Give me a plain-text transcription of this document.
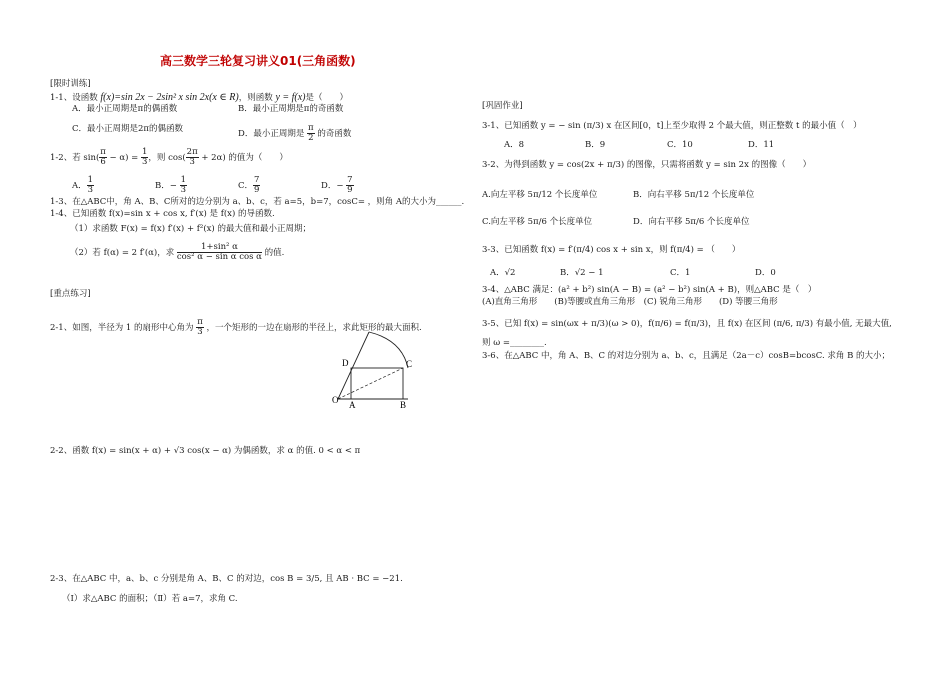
高三数学三轮复习讲义01(三角函数)
[限时训练]
1-1、设函数 f(x)=sin 2x − 2sin² x sin 2x(x ∈ R)，则函数 y = f(x)是（　　）
A．最小正周期是π的偶函数	B．最小正周期是π的奇函数
C．最小正周期是2π的偶函数	D．最小正周期是 $\frac{\pi}{2}$ 的奇函数
1-2、若 $\sin( \frac{\pi}{6} - \alpha) = \frac{1}{3}$ ，则 $\cos( \frac{2\pi}{3} + 2\alpha)$ 的值为（　　）
A． $\frac{1}{3}$	B．− $\frac{1}{3}$	C． $\frac{7}{9}$	D．− $\frac{7}{9}$
1-3、在△ABC中，角 A、B、C所对的边分别为 a、b、c，若 a=5，b=7，cosC= ，则角 A的大小为______.
1-4、已知函数 f(x)=sin x + cos x, f′(x) 是 f(x) 的导函数.
（1）求函数 F(x) = f(x) f′(x) + f²(x) 的最大值和最小正周期；
（2）若 f(α) = 2 f′(α)，求 $\frac{\text{1+sin² α}}{\text{cos² α − sin α cos α}}$ 的值.
[重点练习]
2-1、如图，半径为 1 的扇形中心角为 $\frac{\pi}{3}$ ，一个矩形的一边在扇形的半径上，求此矩形的最大面积.
O A	B
C
D
2-2、函数 f(x) = sin(x + α) + √3 cos(x − α) 为偶函数，求 α 的值. 0 < α < π
2-3、在△ABC 中，a、b、c 分别是角 A、B、C 的对边，cos B = 3/5, 且 AB · BC = −21.
（Ⅰ）求△ABC 的面积；（Ⅱ）若 a=7，求角 C.
[巩固作业]
3-1、已知函数 y = − sin (π/3) x 在区间[0，t]上至少取得 2 个最大值，则正整数 t 的最小值（　）
A．8	B．9	C．10	D．11
3-2、为得到函数 y = cos(2x + π/3) 的图像，只需将函数 y = sin 2x 的图像（　　）
A.向左平移 5π/12 个长度单位	B．向右平移 5π/12 个长度单位
C.向左平移 5π/6 个长度单位	D．向右平移 5π/6 个长度单位
3-3、已知函数 f(x) = f′(π/4) cos x + sin x，则 f(π/4) = （　　）
A．√2	B．√2 − 1	C．1	D．0
3-4、△ABC 满足：(a² + b²) sin(A − B) = (a² − b²) sin(A + B)，则△ABC 是（　）
(A)直角三角形　　(B)等腰或直角三角形　(C) 锐角三角形　　(D) 等腰三角形
3-5、已知 f(x) = sin(ωx + π/3)(ω > 0)，f(π/6) = f(π/3)，且 f(x) 在区间 (π/6, π/3) 有最小值, 无最大值,
则 ω =________.
3-6、在△ABC 中，角 A、B、C 的对边分别为 a、b、c，且满足（2a－c）cosB=bcosC. 求角 B 的大小；
